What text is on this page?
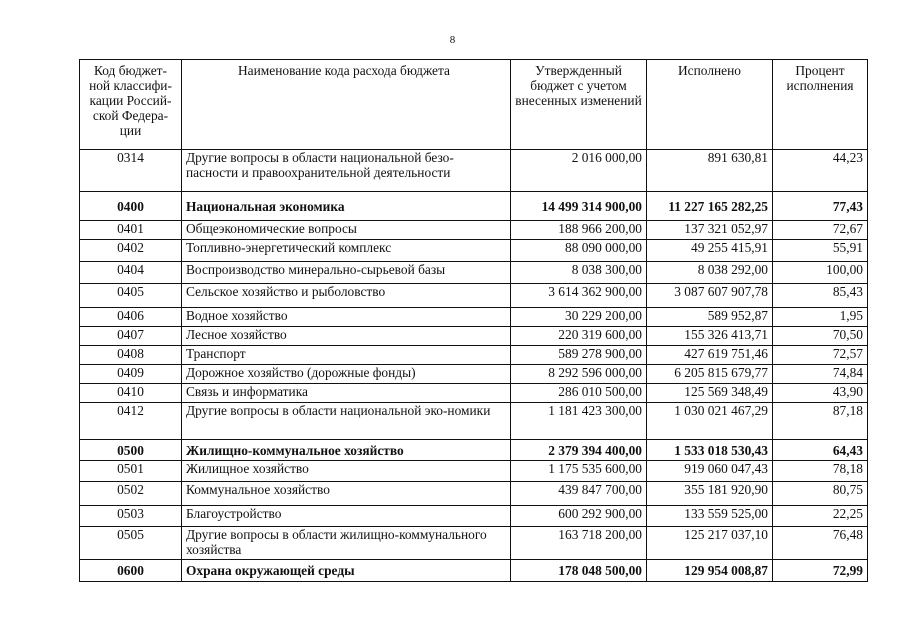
8
Код бюджет-ной классифи-кации Россий-ской Федера-ции	Наименование кода расхода бюджета	Утвержденный бюджет с учетом внесенных изменений	Исполнено	Процент исполнения
0314	Другие вопросы в области национальной безо-пасности и правоохранительной деятельности	2 016 000,00	891 630,81	44,23
0400	Национальная экономика	14 499 314 900,00	11 227 165 282,25	77,43
0401	Общеэкономические вопросы	188 966 200,00	137 321 052,97	72,67
0402	Топливно-энергетический комплекс	88 090 000,00	49 255 415,91	55,91
0404	Воспроизводство минерально-сырьевой базы	8 038 300,00	8 038 292,00	100,00
0405	Сельское хозяйство и рыболовство	3 614 362 900,00	3 087 607 907,78	85,43
0406	Водное хозяйство	30 229 200,00	589 952,87	1,95
0407	Лесное хозяйство	220 319 600,00	155 326 413,71	70,50
0408	Транспорт	589 278 900,00	427 619 751,46	72,57
0409	Дорожное хозяйство (дорожные фонды)	8 292 596 000,00	6 205 815 679,77	74,84
0410	Связь и информатика	286 010 500,00	125 569 348,49	43,90
0412	Другие вопросы в области национальной эко-номики	1 181 423 300,00	1 030 021 467,29	87,18
0500	Жилищно-коммунальное хозяйство	2 379 394 400,00	1 533 018 530,43	64,43
0501	Жилищное хозяйство	1 175 535 600,00	919 060 047,43	78,18
0502	Коммунальное хозяйство	439 847 700,00	355 181 920,90	80,75
0503	Благоустройство	600 292 900,00	133 559 525,00	22,25
0505	Другие вопросы в области жилищно-коммунального хозяйства	163 718 200,00	125 217 037,10	76,48
0600	Охрана окружающей среды	178 048 500,00	129 954 008,87	72,99
